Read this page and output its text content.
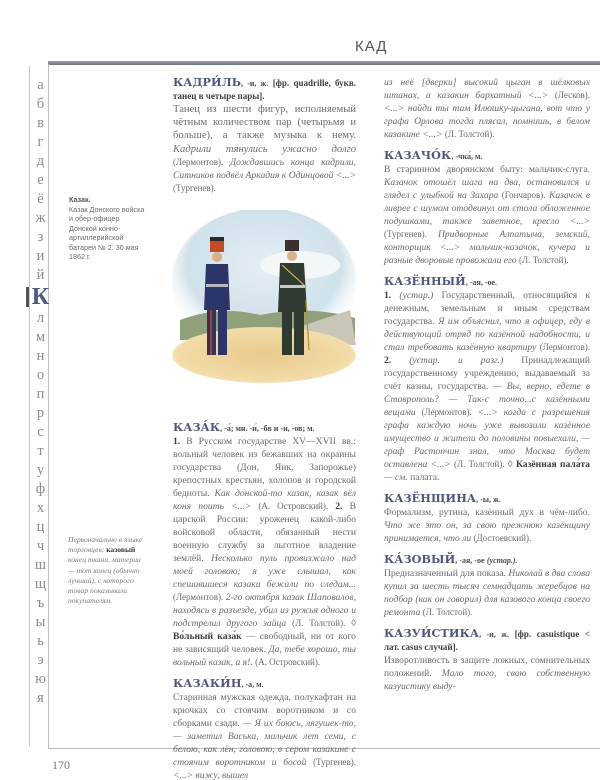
КАД
а
б
в
г
д
е
ё
ж
з
и
й
К
л
м
н
о
п
р
с
т
у
ф
х
ц
ч
ш
щ
ъ
ы
ь
э
ю
я
Казак.
Казак Донского войска и обер-офицер Донской конно-артиллерийской батареи № 2. 30 мая 1862 г.
Первоначально в языке торговцев: казовый конец ткани, материи — тот конец (обычно лучший), с которого товар показывали покупателям.
КАДРИ́ЛЬ, -и, ж. [фр. quadrille, букв. танец в четыре пары].
Танец из шести фигур, исполняемый чётным количеством пар (четырьмя и больше), а также музыка к нему. Кадрили тянулись ужасно долго (Лермонтов). Дождавшись конца кадрили, Ситников подвёл Аркадия к Одинцовой <...> (Тургенев).
КАЗА́К, -а́; мн. -и́, -бв и -и, -ов; м.
1. В Русском государстве XV—XVII вв.: вольный человек из бежавших на окраины государства (Дон, Яик, Запорожье) крепостных крестьян, холопов и городской бедноты. Как донской-то казак, казак вёл коня поить <...> (А. Островский). 2. В царской России: уроженец какой-либо войсковой области, обязанный нести военную службу за льготное владение землёй. Несколько пуль провизжало над моей головою; я уже слышал, как спешившиеся казаки бежали по следам... (Лермонтов). 2-го октября казак Шаповалов, находясь в разъезде, убил из ружья одного и подстрелил другого зайца (Л. Толстой). ◊ Во́льный каза́к — свободный, ни от кого не зависящий человек. Да, тебе хорошо, ты вольный казак, а я!. (А. Островский).
КАЗАКИ́Н, -а, м.
Старинная мужская одежда, полукафтан на крючках со стоячим воротником и со сборками сзади. — Я их боюсь, лягушек-то, — заметил Васька, мальчик лет семи, с белою, как лён, головою, в сером казакине с стоячим воротником и босой (Тургенев). <...> вижу, вышел
из неё [дверки] высокий цыган в шёлковых штанах, а казакин бархатный <...> (Лесков). <...> найди ты там Илюшку-цыгана, вот что у графа Орлова тогда плясал, помнишь, в белом казакине <...> (Л. Толстой).
КАЗАЧО́К, -чка́, м.
В старинном дворянском быту: мальчик-слуга. Казачок отошёл шага на два, остановился и глядел с улыбкой на Захара (Гончаров). Казачок в ливрее с шумом отодвинул от стола обложенное подушками, также заветное, кресло <...> (Тургенев). Придворные Алпатыча, земский, конторщик <...> мальчик-казачок, кучера и разные дворовые провожали его (Л. Толстой).
КАЗЁННЫЙ, -ая, -ое.
1. (устар.) Государственный, относящийся к денежным, земельным и иным средствам государства. Я им объяснил, что я офицер, еду в действующий отряд по казённой надобности, и стал требовать казённую квартиру (Лермонтов). 2. (устар. и разг.) Принадлежащий государственному учреждению, выдаваемый за счёт казны, государства. — Вы, верно, едете в Ставрополь? — Так-с точно...с казёнными вещами (Лермонтов). <...> когда с разрешения графа каждую ночь уже вывозили казённое имущество и жители до половины повыехали, — граф Растопчин знал, что Москва будет оставлена <...> (Л. Толстой). ◊ Казённая пала́та — см. палата.
КАЗЁНЩИНА, -ы, ж.
Формализм, рутина, казённый дух в чём-либо. Что же это он, за свою прежнюю казёнщину принимается, что ли (Достоевский).
КА́ЗОВЫЙ, -ая, -ое (устар.).
Предназначенный для показа. Николай в два слова купил за шесть тысяч семнадцать жеребцов на подбор (как он говорил) для казового конца своего ремонта (Л. Толстой).
КАЗУИ́СТИКА, -и, ж. [фр. casuistique < лат. casus случай].
Изворотливость в защите ложных, сомнительных положений. Мало того, свою собственную казуистику выду-
170
